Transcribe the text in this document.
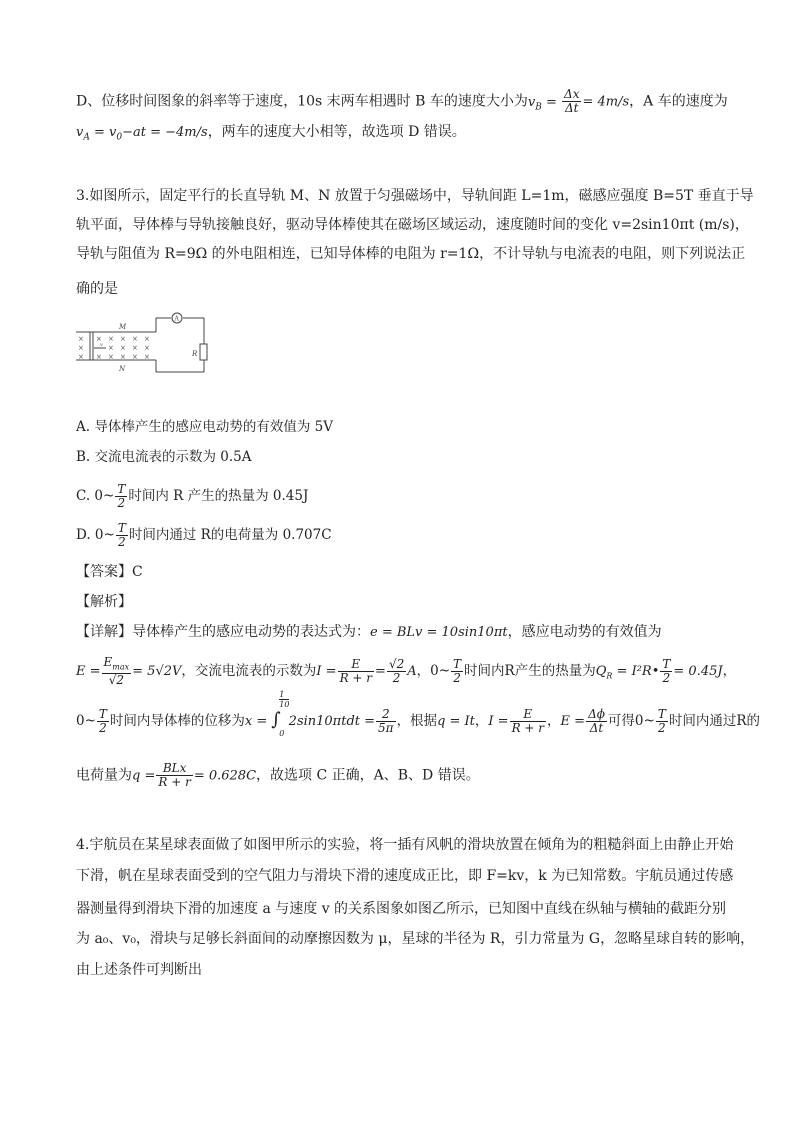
D、位移时间图象的斜率等于速度，10s 末两车相遇时 B 车的速度大小为$v_B = \frac{\Delta x}{\Delta t} = 4m/s$，A 车的速度为
$v_A = v_0-at = -4m/s$，两车的速度大小相等，故选项 D 错误。
3.如图所示，固定平行的长直导轨 M、N 放置于匀强磁场中，导轨间距 L=1m，磁感应强度 B=5T 垂直于导
轨平面，导体棒与导轨接触良好，驱动导体棒使其在磁场区域运动，速度随时间的变化 v=2sin10πt (m/s)，
导轨与阻值为 R=9Ω 的外电阻相连，已知导体棒的电阻为 r=1Ω，不计导轨与电流表的电阻，则下列说法正
确的是
A
M
N
R
v
×
×
×
×
×
×
×
×
×
×
×
×
×
×
×
×
×
A. 导体棒产生的感应电动势的有效值为 5V
B. 交流电流表的示数为 0.5A
C. 0~ $\frac{T}{2}$ 时间内 R 产生的热量为 0.45J
D. 0~ $\frac{T}{2}$ 时间内通过 R的电荷量为 0.707C
【答案】C
【解析】
【详解】导体棒产生的感应电动势的表达式为：e = BLv = 10sin10πt，感应电动势的有效值为
$E = \frac{E_{max}}{√2} = 5√2V$，交流电流表的示数为$I = \frac{E}{R + r} = \frac{√2}{2}$ A，0~ $\frac{T}{2}$ 时间内R产生的热量为$Q_R$ = I²R• $\frac{T}{2} = 0.45J$，
0~ $\frac{T}{2}$ 时间内导体棒的位移为x = ∫
1
10
0
$2\sin 10\pi tdt = \frac{2}{5\pi}$ ，根据q = It，$I = \frac{E}{R + r}$ ，$E = \frac{\Delta\phi}{\Delta t}$ 可得0~ $\frac{T}{2}$ 时间内通过R的
电荷量为$q = \frac{\text{BLx}}{R + r} = 0.628C$，故选项 C 正确，A、B、D 错误。
4.宇航员在某星球表面做了如图甲所示的实验，将一插有风帆的滑块放置在倾角为的粗糙斜面上由静止开始
下滑，帆在星球表面受到的空气阻力与滑块下滑的速度成正比，即 F=kv，k 为已知常数。宇航员通过传感
器测量得到滑块下滑的加速度 a 与速度 v 的关系图象如图乙所示，已知图中直线在纵轴与横轴的截距分别
为 a₀、v₀，滑块与足够长斜面间的动摩擦因数为 μ，星球的半径为 R，引力常量为 G，忽略星球自转的影响，
由上述条件可判断出
